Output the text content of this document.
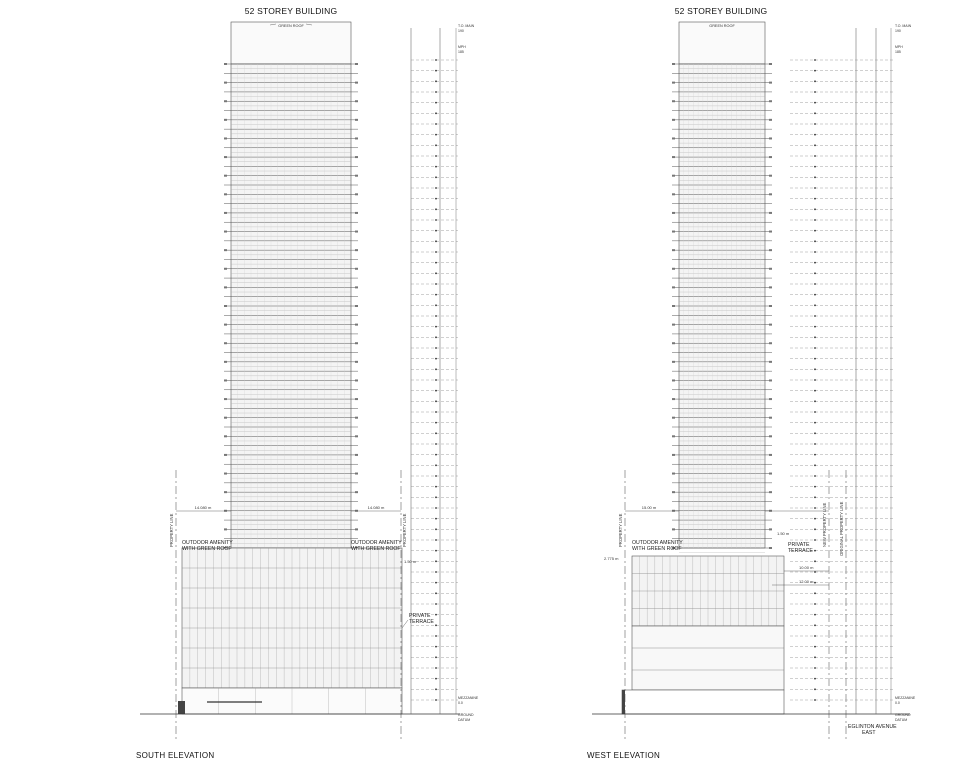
52 STOREY BUILDING
GREEN ROOF
PROPERTY LINE	PROPERTY LINE
14.080 m	14.080 m
OUTDOOR AMENITY
WITH GREEN ROOF
OUTDOOR AMENITY
WITH GREEN ROOF
1.50 m
PRIVATE
TERRACE
T.O. MAIN
190
MPH
185
MEZZANINE
0.0
GROUND
DATUM
SOUTH ELEVATION
52 STOREY BUILDING
GREEN ROOF
PROPERTY LINE	NEW PROPERTY LINE	ORIGINAL PROPERTY LINE
15.00 m
2.775 m
OUTDOOR AMENITY
WITH GREEN ROOF
1.50 m
PRIVATE
TERRACE
10.00 m
12.00 m
T.O. MAIN
190
MPH
185
MEZZANINE
0.0
GROUND
DATUM
EGLINTON AVENUE
EAST
WEST ELEVATION
